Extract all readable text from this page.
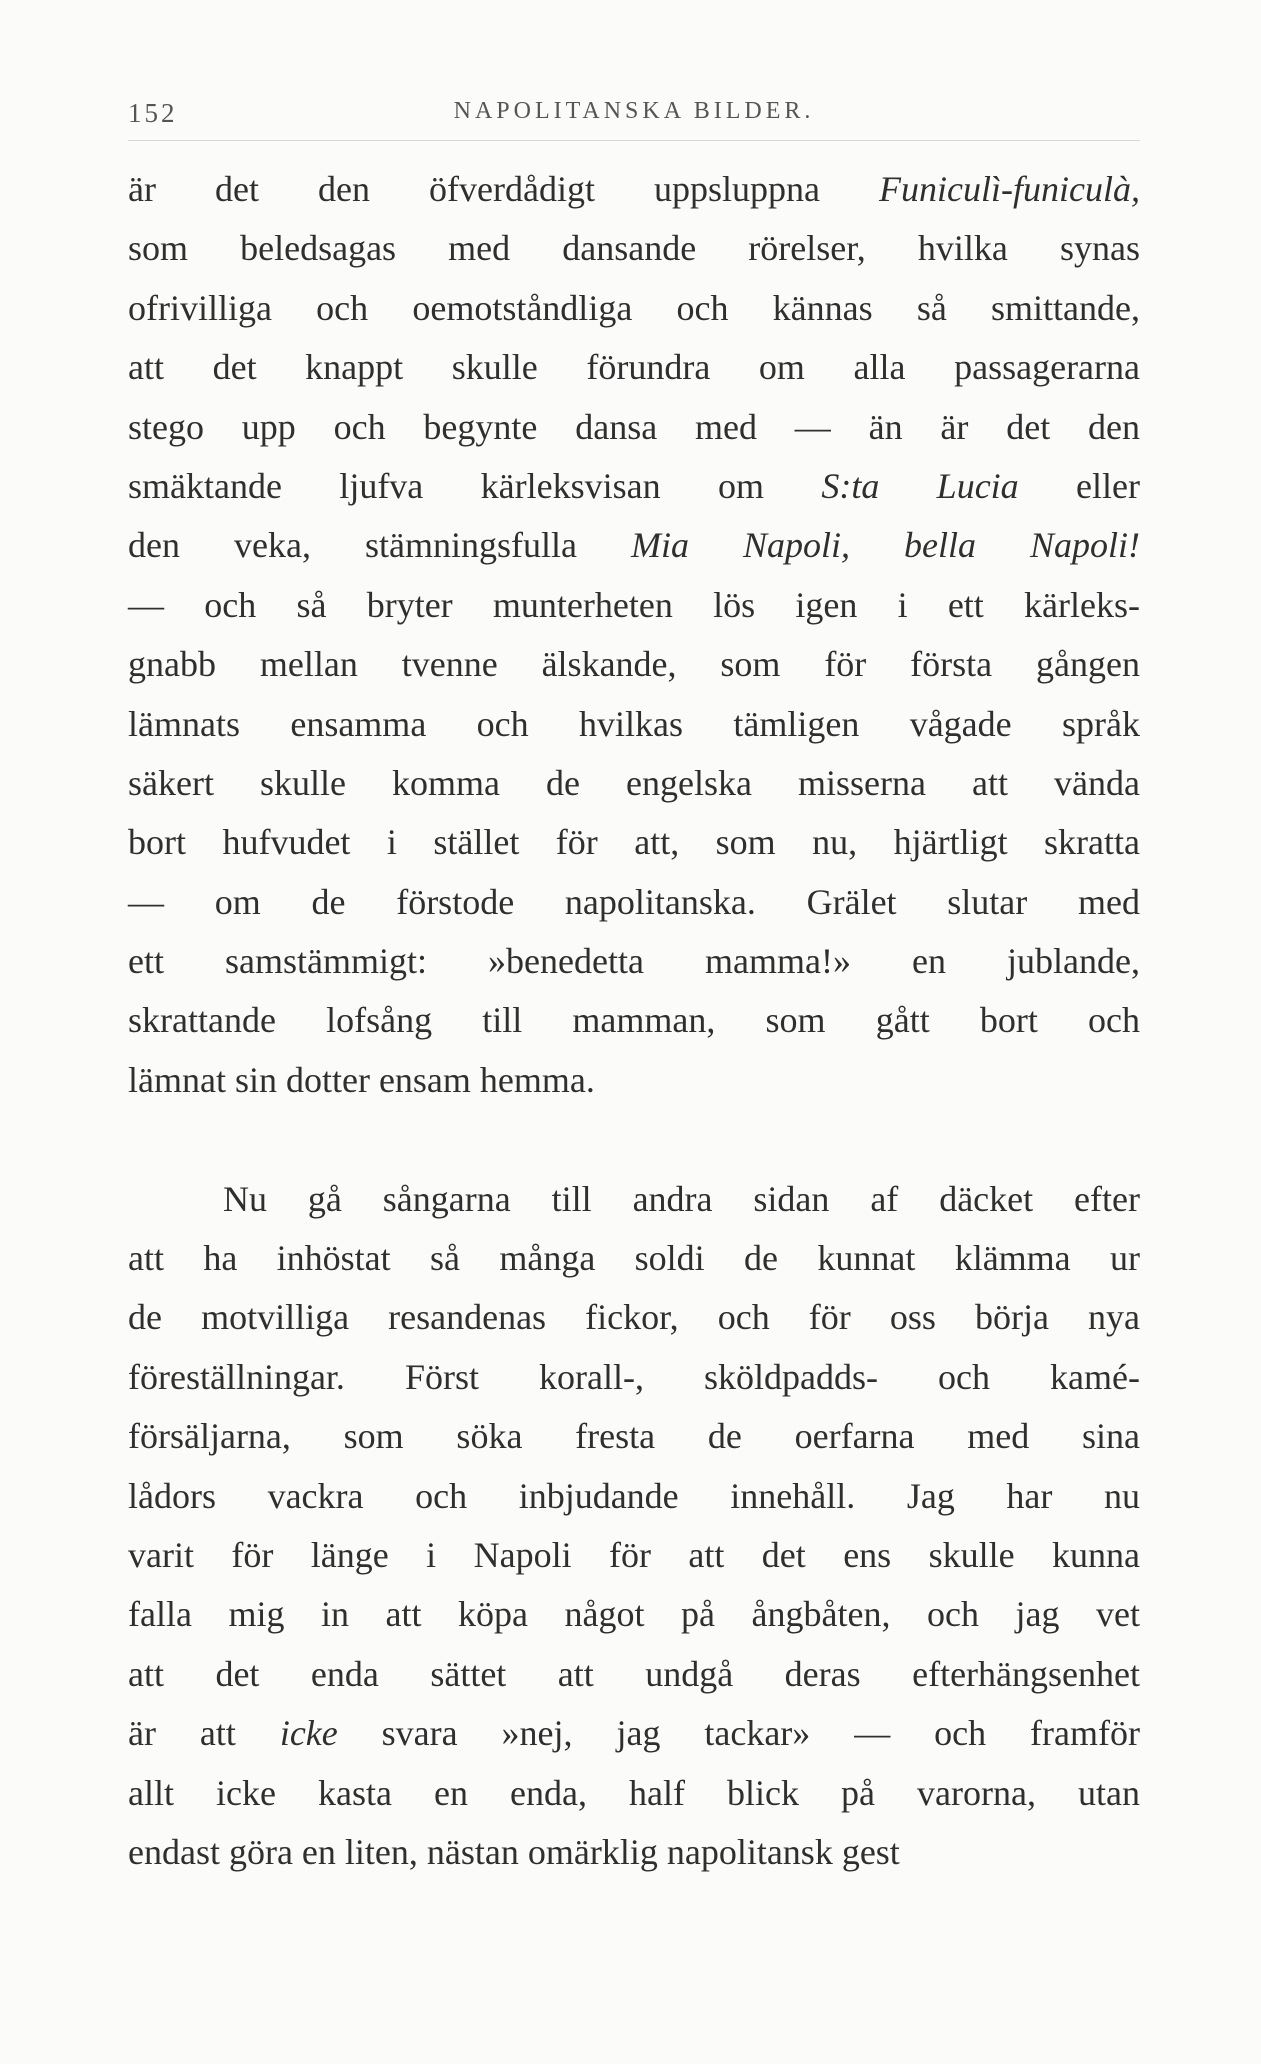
152	NAPOLITANSKA BILDER.
är det den öfverdådigt uppsluppna Funiculì-funiculà,
som beledsagas med dansande rörelser, hvilka synas
ofrivilliga och oemotståndliga och kännas så smittande,
att det knappt skulle förundra om alla passagerarna
stego upp och begynte dansa med — än är det den
smäktande ljufva kärleksvisan om S:ta Lucia eller
den veka, stämningsfulla Mia Napoli, bella Napoli!
— och så bryter munterheten lös igen i ett kärleks-
gnabb mellan tvenne älskande, som för första gången
lämnats ensamma och hvilkas tämligen vågade språk
säkert skulle komma de engelska misserna att vända
bort hufvudet i stället för att, som nu, hjärtligt skratta
— om de förstode napolitanska. Grälet slutar med
ett samstämmigt: »benedetta mamma!» en jublande,
skrattande lofsång till mamman, som gått bort och
lämnat sin dotter ensam hemma.
Nu gå sångarna till andra sidan af däcket efter
att ha inhöstat så många soldi de kunnat klämma ur
de motvilliga resandenas fickor, och för oss börja nya
föreställningar. Först korall-, sköldpadds- och kamé-
försäljarna, som söka fresta de oerfarna med sina
lådors vackra och inbjudande innehåll. Jag har nu
varit för länge i Napoli för att det ens skulle kunna
falla mig in att köpa något på ångbåten, och jag vet
att det enda sättet att undgå deras efterhängsenhet
är att icke svara »nej, jag tackar» — och framför
allt icke kasta en enda, half blick på varorna, utan
endast göra en liten, nästan omärklig napolitansk gest
